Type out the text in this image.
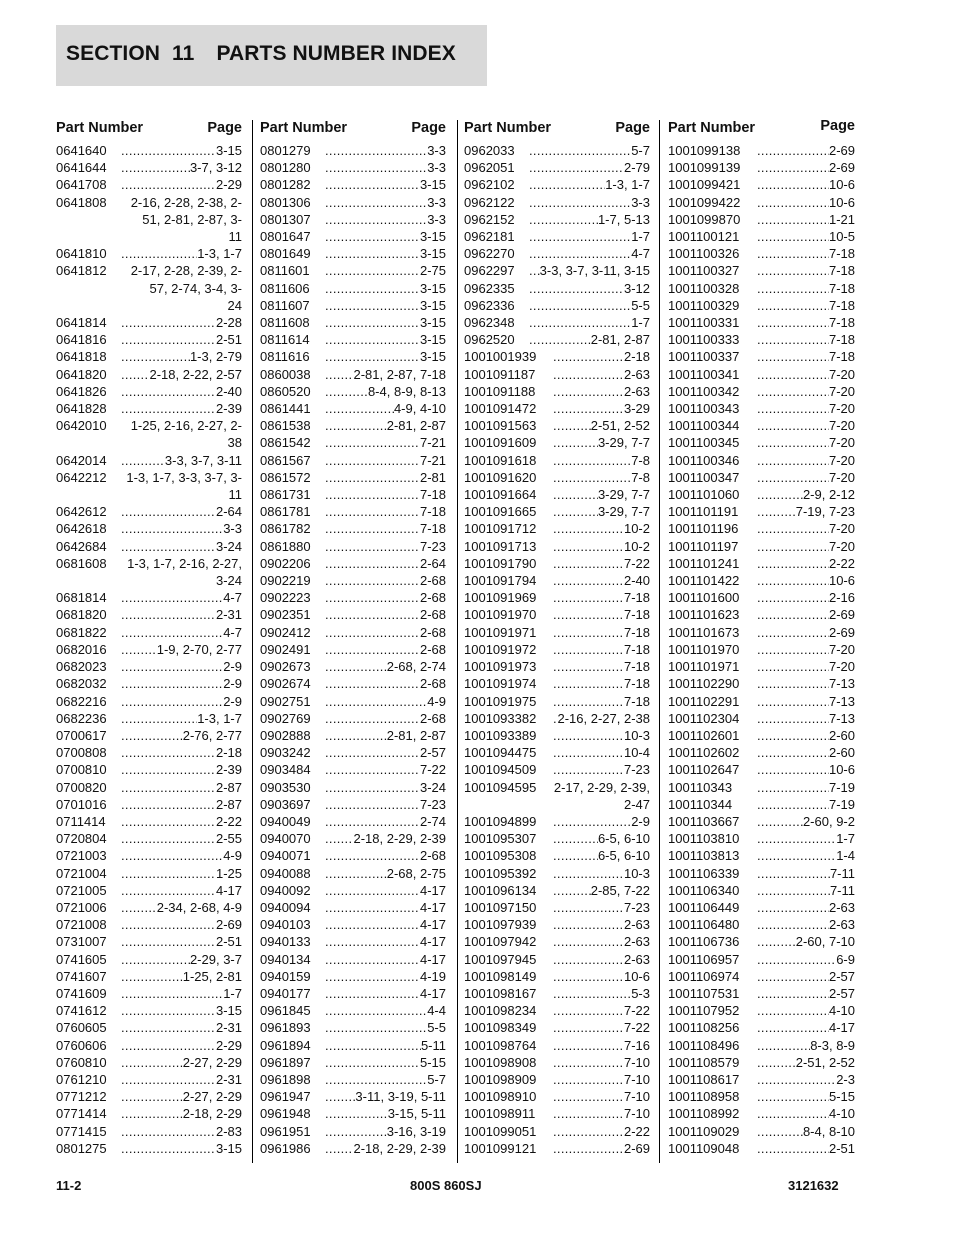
SECTION 11 PARTS NUMBER INDEX
Part Number	Page
0641640 .....	3-15
0641644 .....	3-7, 3-12
0641708 .....	2-29
0641808	2-16, 2-28, 2-38, 2-51, 2-81, 2-87, 3-11
0641810 .....	1-3, 1-7
0641812	2-17, 2-28, 2-39, 2-57, 2-74, 3-4, 3-24
0641814 .....	2-28
0641816 .....	2-51
0641818 .....	1-3, 2-79
0641820 .....	2-18, 2-22, 2-57
0641826 .....	2-40
0641828 .....	2-39
0642010	1-25, 2-16, 2-27, 2-38
0642014 .....	3-3, 3-7, 3-11
0642212	1-3, 1-7, 3-3, 3-7, 3-11
0642612 .....	2-64
0642618 .....	3-3
0642684 .....	3-24
0681608	1-3, 1-7, 2-16, 2-27, 3-24
0681814 .....	4-7
0681820 .....	2-31
0681822 .....	4-7
0682016 .....	1-9, 2-70, 2-77
0682023 .....	2-9
0682032 .....	2-9
0682216 .....	2-9
0682236 .....	1-3, 1-7
0700617 .....	2-76, 2-77
0700808 .....	2-18
0700810 .....	2-39
0700820 .....	2-87
0701016 .....	2-87
0711414 .....	2-22
0720804 .....	2-55
0721003 .....	4-9
0721004 .....	1-25
0721005 .....	4-17
0721006 .....	2-34, 2-68, 4-9
0721008 .....	2-69
0731007 .....	2-51
0741605 .....	2-29, 3-7
0741607 .....	1-25, 2-81
0741609 .....	1-7
0741612 .....	3-15
0760605 .....	2-31
0760606 .....	2-29
0760810 .....	2-27, 2-29
0761210 .....	2-31
0771212 .....	2-27, 2-29
0771414 .....	2-18, 2-29
0771415 .....	2-83
0801275 .....	3-15
Part Number	Page
0801279 .....	3-3
0801280 .....	3-3
0801282 .....	3-15
0801306 .....	3-3
0801307 .....	3-3
0801647 .....	3-15
0801649 .....	3-15
0811601 .....	2-75
0811606 .....	3-15
0811607 .....	3-15
0811608 .....	3-15
0811614 .....	3-15
0811616 .....	3-15
0860038 .....	2-81, 2-87, 7-18
0860520 .....	8-4, 8-9, 8-13
0861441 .....	4-9, 4-10
0861538 .....	2-81, 2-87
0861542 .....	7-21
0861567 .....	7-21
0861572 .....	2-81
0861731 .....	7-18
0861781 .....	7-18
0861782 .....	7-18
0861880 .....	7-23
0902206 .....	2-64
0902219 .....	2-68
0902223 .....	2-68
0902351 .....	2-68
0902412 .....	2-68
0902491 .....	2-68
0902673 .....	2-68, 2-74
0902674 .....	2-68
0902751 .....	4-9
0902769 .....	2-68
0902888 .....	2-81, 2-87
0903242 .....	2-57
0903484 .....	7-22
0903530 .....	3-24
0903697 .....	7-23
0940049 .....	2-74
0940070 .....	2-18, 2-29, 2-39
0940071 .....	2-68
0940088 .....	2-68, 2-75
0940092 .....	4-17
0940094 .....	4-17
0940103 .....	4-17
0940133 .....	4-17
0940134 .....	4-17
0940159 .....	4-19
0940177 .....	4-17
0961845 .....	4-4
0961893 .....	5-5
0961894 .....	5-11
0961897 .....	5-15
0961898 .....	5-7
0961947 .....	3-11, 3-19, 5-11
0961948 .....	3-15, 5-11
0961951 .....	3-16, 3-19
0961986 .....	2-18, 2-29, 2-39
Part Number	Page
0962033 .....	5-7
0962051 .....	2-79
0962102 .....	1-3, 1-7
0962122 .....	3-3
0962152 .....	1-7, 5-13
0962181 .....	1-7
0962270 .....	4-7
0962297 .....	3-3, 3-7, 3-11, 3-15
0962335 .....	3-12
0962336 .....	5-5
0962348 .....	1-7
0962520 .....	2-81, 2-87
1001001939 .....	2-18
1001091187 .....	2-63
1001091188 .....	2-63
1001091472 .....	3-29
1001091563 .....	2-51, 2-52
1001091609 .....	3-29, 7-7
1001091618 .....	7-8
1001091620 .....	7-8
1001091664 .....	3-29, 7-7
1001091665 .....	3-29, 7-7
1001091712 .....	10-2
1001091713 .....	10-2
1001091790 .....	7-22
1001091794 .....	2-40
1001091969 .....	7-18
1001091970 .....	7-18
1001091971 .....	7-18
1001091972 .....	7-18
1001091973 .....	7-18
1001091974 .....	7-18
1001091975 .....	7-18
1001093382 .....	2-16, 2-27, 2-38
1001093389 .....	10-3
1001094475 .....	10-4
1001094509 .....	7-23
1001094595	2-17, 2-29, 2-39, 2-47
1001094899 .....	2-9
1001095307 .....	6-5, 6-10
1001095308 .....	6-5, 6-10
1001095392 .....	10-3
1001096134 .....	2-85, 7-22
1001097150 .....	7-23
1001097939 .....	2-63
1001097942 .....	2-63
1001097945 .....	2-63
1001098149 .....	10-6
1001098167 .....	5-3
1001098234 .....	7-22
1001098349 .....	7-22
1001098764 .....	7-16
1001098908 .....	7-10
1001098909 .....	7-10
1001098910 .....	7-10
1001098911 .....	7-10
1001099051 .....	2-22
1001099121 .....	2-69
Part Number	Page
1001099138 .....	2-69
1001099139 .....	2-69
1001099421 .....	10-6
1001099422 .....	10-6
1001099870 .....	1-21
1001100121 .....	10-5
1001100326 .....	7-18
1001100327 .....	7-18
1001100328 .....	7-18
1001100329 .....	7-18
1001100331 .....	7-18
1001100333 .....	7-18
1001100337 .....	7-18
1001100341 .....	7-20
1001100342 .....	7-20
1001100343 .....	7-20
1001100344 .....	7-20
1001100345 .....	7-20
1001100346 .....	7-20
1001100347 .....	7-20
1001101060 .....	2-9, 2-12
1001101191 .....	7-19, 7-23
1001101196 .....	7-20
1001101197 .....	7-20
1001101241 .....	2-22
1001101422 .....	10-6
1001101600 .....	2-16
1001101623 .....	2-69
1001101673 .....	2-69
1001101970 .....	7-20
1001101971 .....	7-20
1001102290 .....	7-13
1001102291 .....	7-13
1001102304 .....	7-13
1001102601 .....	2-60
1001102602 .....	2-60
1001102647 .....	10-6
100110343 .....	7-19
100110344 .....	7-19
1001103667 .....	2-60, 9-2
1001103810 .....	1-7
1001103813 .....	1-4
1001106339 .....	7-11
1001106340 .....	7-11
1001106449 .....	2-63
1001106480 .....	2-63
1001106736 .....	2-60, 7-10
1001106957 .....	6-9
1001106974 .....	2-57
1001107531 .....	2-57
1001107952 .....	4-10
1001108256 .....	4-17
1001108496 .....	8-3, 8-9
1001108579 .....	2-51, 2-52
1001108617 .....	2-3
1001108958 .....	5-15
1001108992 .....	4-10
1001109029 .....	8-4, 8-10
1001109048 .....	2-51
11-2	800S 860SJ	3121632
